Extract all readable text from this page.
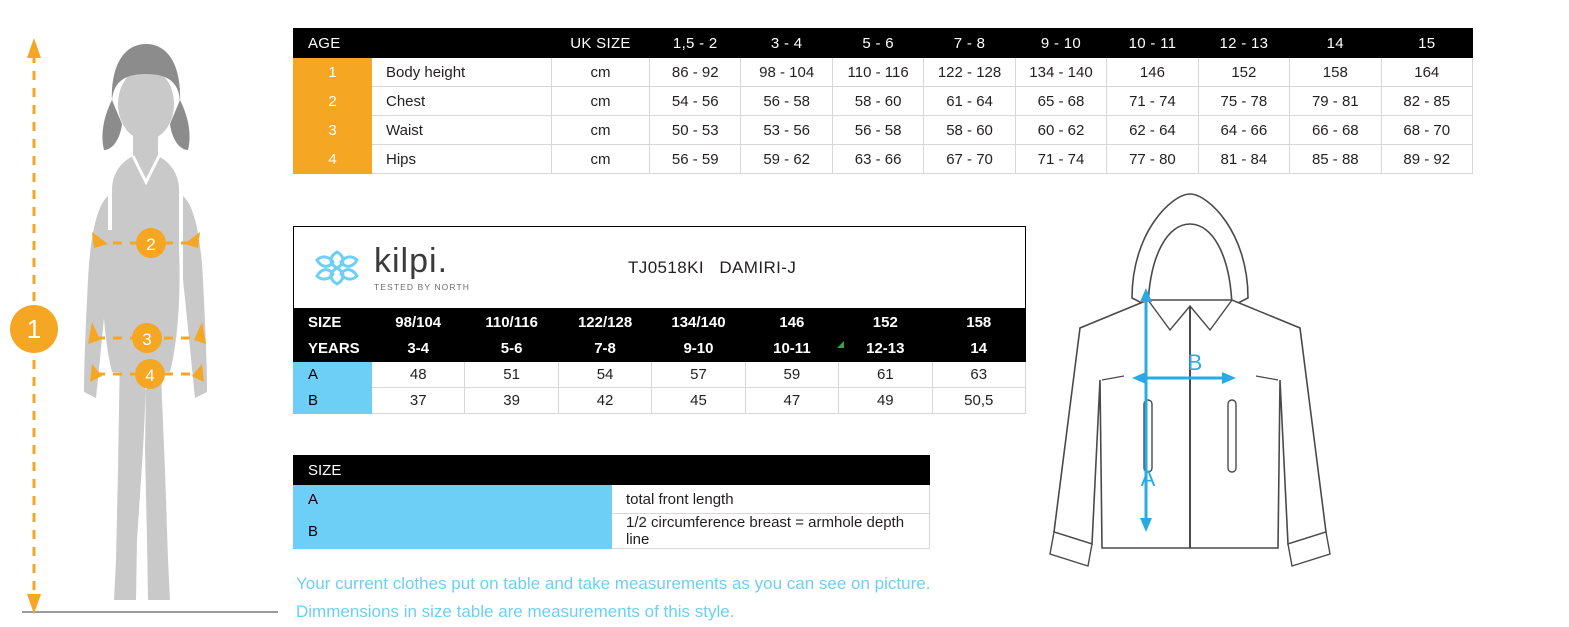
1
2
3
4
AGE		UK SIZE	1,5 - 2	3 - 4	5 - 6	7 - 8	9 - 10	10 - 11	12 - 13	14	15
1	Body height	cm	86 - 92	98 - 104	110 - 116	122 - 128	134 - 140	146	152	158	164
2	Chest	cm	54 - 56	56 - 58	58 - 60	61 - 64	65 - 68	71 - 74	75 - 78	79 - 81	82 - 85
3	Waist	cm	50 - 53	53 - 56	56 - 58	58 - 60	60 - 62	62 - 64	64 - 66	66 - 68	68 - 70
4	Hips	cm	56 - 59	59 - 62	63 - 66	67 - 70	71 - 74	77 - 80	81 - 84	85 - 88	89 - 92
kilpi.
TESTED BY NORTH
TJ0518KI DAMIRI-J
SIZE	98/104	110/116	122/128	134/140	146	152	158
YEARS	3-4	5-6	7-8	9-10	10-11	12-13	14
A	48	51	54	57	59	61	63
B	37	39	42	45	47	49	50,5
SIZE	
A	total front length
B	1/2 circumference breast = armhole depth line
Your current clothes put on table and take measurements as you can see on picture.
Dimmensions in size table are measurements of this style.
B
A
